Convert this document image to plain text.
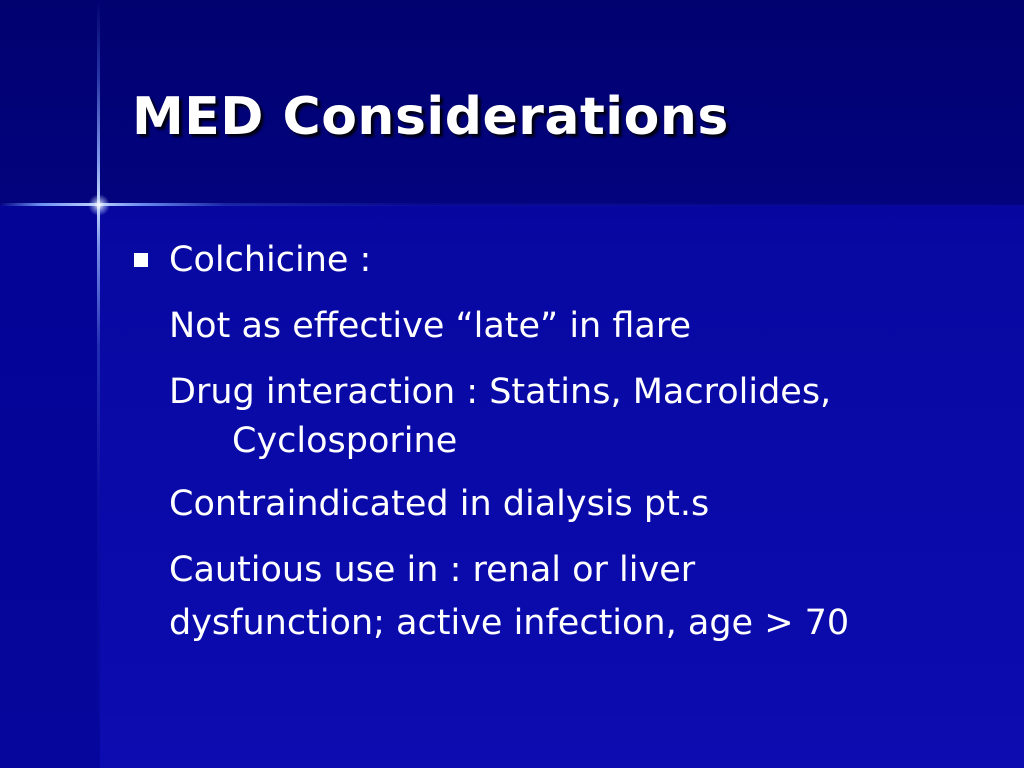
MED Considerations
Colchicine :
Not as effective “late” in flare
Drug interaction : Statins, Macrolides,
Cyclosporine
Contraindicated in dialysis pt.s
Cautious use in : renal or liver
dysfunction; active infection, age > 70
